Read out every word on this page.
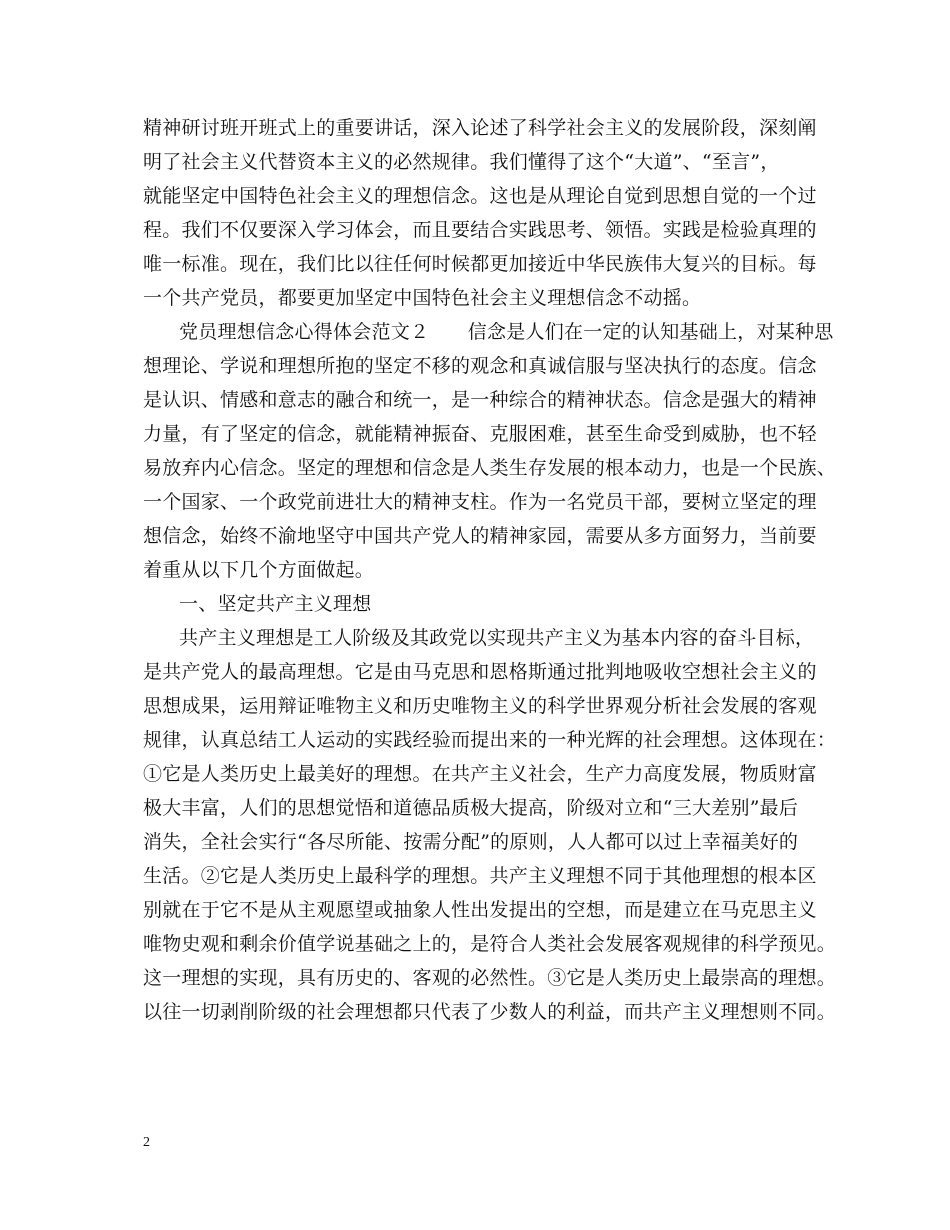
精神研讨班开班式上的重要讲话，深入论述了科学社会主义的发展阶段，深刻阐
明了社会主义代替资本主义的必然规律。我们懂得了这个“大道”、“至言”，
就能坚定中国特色社会主义的理想信念。这也是从理论自觉到思想自觉的一个过
程。我们不仅要深入学习体会，而且要结合实践思考、领悟。实践是检验真理的
唯一标准。现在，我们比以往任何时候都更加接近中华民族伟大复兴的目标。每
一个共产党员，都要更加坚定中国特色社会主义理想信念不动摇。
党员理想信念心得体会范文２　　信念是人们在一定的认知基础上，对某种思
想理论、学说和理想所抱的坚定不移的观念和真诚信服与坚决执行的态度。信念
是认识、情感和意志的融合和统一，是一种综合的精神状态。信念是强大的精神
力量，有了坚定的信念，就能精神振奋、克服困难，甚至生命受到威胁，也不轻
易放弃内心信念。坚定的理想和信念是人类生存发展的根本动力，也是一个民族、
一个国家、一个政党前进壮大的精神支柱。作为一名党员干部，要树立坚定的理
想信念，始终不渝地坚守中国共产党人的精神家园，需要从多方面努力，当前要
着重从以下几个方面做起。
一、坚定共产主义理想
共产主义理想是工人阶级及其政党以实现共产主义为基本内容的奋斗目标，
是共产党人的最高理想。它是由马克思和恩格斯通过批判地吸收空想社会主义的
思想成果，运用辩证唯物主义和历史唯物主义的科学世界观分析社会发展的客观
规律，认真总结工人运动的实践经验而提出来的一种光辉的社会理想。这体现在：
①它是人类历史上最美好的理想。在共产主义社会，生产力高度发展，物质财富
极大丰富，人们的思想觉悟和道德品质极大提高，阶级对立和“三大差别”最后
消失，全社会实行“各尽所能、按需分配”的原则，人人都可以过上幸福美好的
生活。②它是人类历史上最科学的理想。共产主义理想不同于其他理想的根本区
别就在于它不是从主观愿望或抽象人性出发提出的空想，而是建立在马克思主义
唯物史观和剩余价值学说基础之上的，是符合人类社会发展客观规律的科学预见。
这一理想的实现，具有历史的、客观的必然性。③它是人类历史上最崇高的理想。
以往一切剥削阶级的社会理想都只代表了少数人的利益，而共产主义理想则不同。
2
